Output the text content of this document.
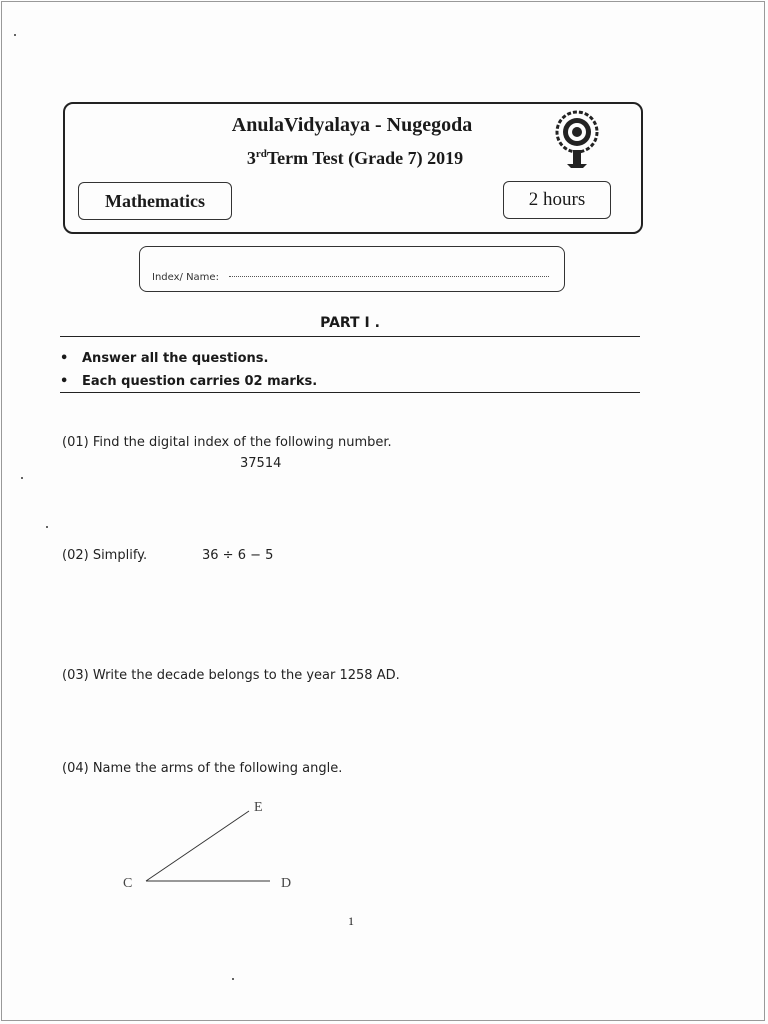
AnulaVidyalaya - Nugegoda
3rdTerm Test (Grade 7) 2019
Mathematics	2 hours
Index/ Name:
PART I .
• Answer all the questions.
• Each question carries 02 marks.
(01) Find the digital index of the following number.
37514
(02) Simplify.	36 ÷ 6 − 5
(03) Write the decade belongs to the year 1258 AD.
(04) Name the arms of the following angle.
E
C	D
1
